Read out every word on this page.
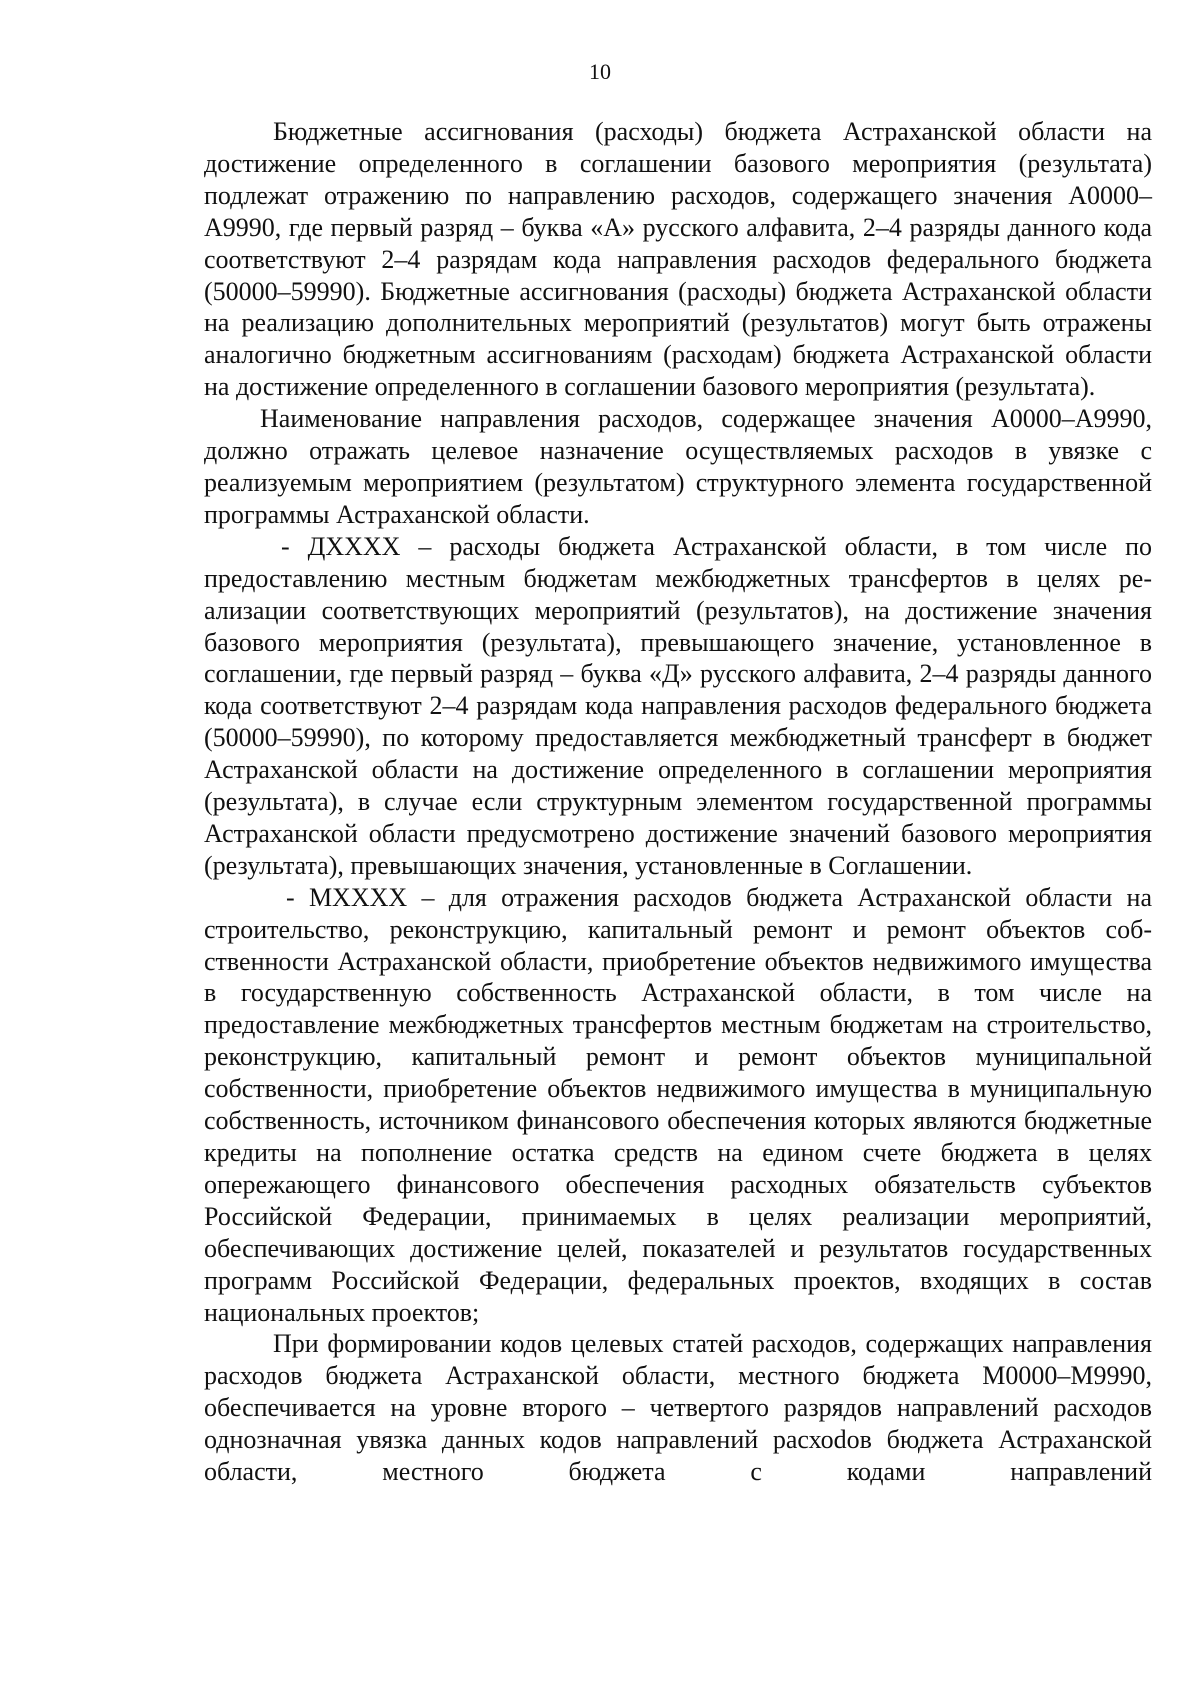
10

Бюджетные ассигнования (расходы) бюджета Астраханской области на достижение определенного в соглашении базового мероприятия (результата) подлежат отражению по направлению расходов, содержащего значения А0000–А9990, где первый разряд – буква «А» русского алфавита, 2–4 разряды данного кода соответствуют 2–4 разрядам кода направления расходов федерального бюджета (50000–59990). Бюджетные ассигнования (расходы) бюджета Астраханской области на реализацию дополнительных мероприятий (результатов) могут быть отражены аналогично бюджетным ассигнованиям (расходам) бюджета Астраханской области на достижение определенного в соглашении базового мероприятия (результата).

Наименование направления расходов, содержащее значения А0000–А9990, должно отражать целевое назначение осуществляемых расходов в увязке с реализуемым мероприятием (результатом) структурного элемента государственной программы Астраханской области.

- ДХХХХ – расходы бюджета Астраханской области, в том числе по предоставлению местным бюджетам межбюджетных трансфертов в целях реализации соответствующих мероприятий (результатов), на достижение значения базового мероприятия (результата), превышающего значение, установленное в соглашении, где первый разряд – буква «Д» русского алфавита, 2–4 разряды данного кода соответствуют 2–4 разрядам кода направления расходов федерального бюджета (50000–59990), по которому предоставляется межбюджетный трансферт в бюджет Астраханской области на достижение определенного в соглашении мероприятия (результата), в случае если структурным элементом государственной программы Астраханской области предусмотрено достижение значений базового мероприятия (результата), превышающих значения, установленные в Соглашении.

- МХХХХ – для отражения расходов бюджета Астраханской области на строительство, реконструкцию, капитальный ремонт и ремонт объектов собственности Астраханской области, приобретение объектов недвижимого имущества в государственную собственность Астраханской области, в том числе на предоставление межбюджетных трансфертов местным бюджетам на строительство, реконструкцию, капитальный ремонт и ремонт объектов муниципальной собственности, приобретение объектов недвижимого имущества в муниципальную собственность, источником финансового обеспечения которых являются бюджетные кредиты на пополнение остатка средств на едином счете бюджета в целях опережающего финансового обеспечения расходных обязательств субъектов Российской Федерации, принимаемых в целях реализации мероприятий, обеспечивающих достижение целей, показателей и результатов государственных программ Российской Федерации, федеральных проектов, входящих в состав национальных проектов;

При формировании кодов целевых статей расходов, содержащих направления расходов бюджета Астраханской области, местного бюджета М0000–М9990, обеспечивается на уровне второго – четвертого разрядов направлений расходов однозначная увязка данных кодов направлений расхоdов бюджета Астраханской области, местного бюджета с кодами направлений
